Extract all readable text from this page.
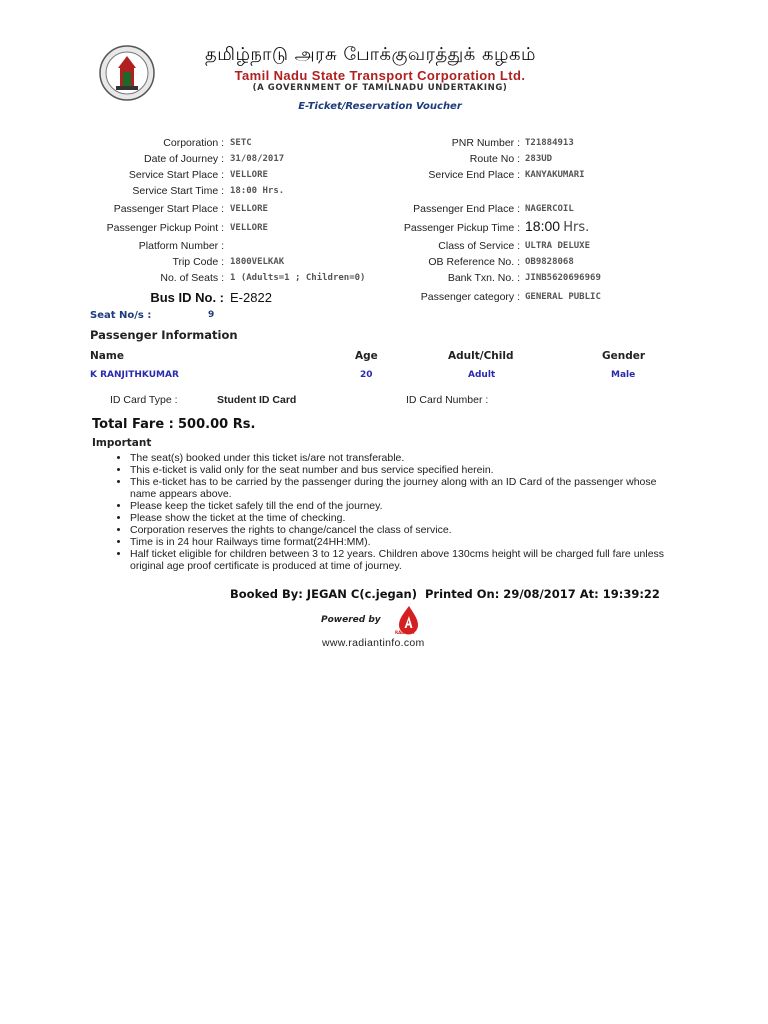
தமிழ்நாடு அரசு போக்குவரத்துக் கழகம்
Tamil Nadu State Transport Corporation Ltd.
(A GOVERNMENT OF TAMILNADU UNDERTAKING)
E-Ticket/Reservation Voucher
Corporation : SETC
Date of Journey : 31/08/2017
Service Start Place : VELLORE
Service Start Time : 18:00 Hrs.
Passenger Start Place : VELLORE
Passenger Pickup Point : VELLORE
Platform Number :
Trip Code : 1800VELKAK
No. of Seats : 1 (Adults=1 ; Children=0)
Bus ID No. : E-2822
PNR Number : T21884913
Route No : 283UD
Service End Place : KANYAKUMARI
Passenger End Place : NAGERCOIL
Passenger Pickup Time : 18:00 Hrs.
Class of Service : ULTRA DELUXE
OB Reference No. : OB9828068
Bank Txn. No. : JINB5620696969
Passenger category : GENERAL PUBLIC
Seat No/s :	9
Passenger Information
Name	Age	Adult/Child	Gender
K RANJITHKUMAR	20	Adult	Male
ID Card Type :	Student ID Card	ID Card Number :
Total Fare : 500.00 Rs.
Important
• The seat(s) booked under this ticket is/are not transferable.
• This e-ticket is valid only for the seat number and bus service specified herein.
• This e-ticket has to be carried by the passenger during the journey along with an ID Card of the passenger whose name appears above.
• Please keep the ticket safely till the end of the journey.
• Please show the ticket at the time of checking.
• Corporation reserves the rights to change/cancel the class of service.
• Time is in 24 hour Railways time format(24HH:MM).
• Half ticket eligible for children between 3 to 12 years. Children above 130cms height will be charged full fare unless original age proof certificate is produced at time of journey.
Booked By: JEGAN C(c.jegan) Printed On: 29/08/2017 At: 19:39:22
Powered by
RADIANT
www.radiantinfo.com
